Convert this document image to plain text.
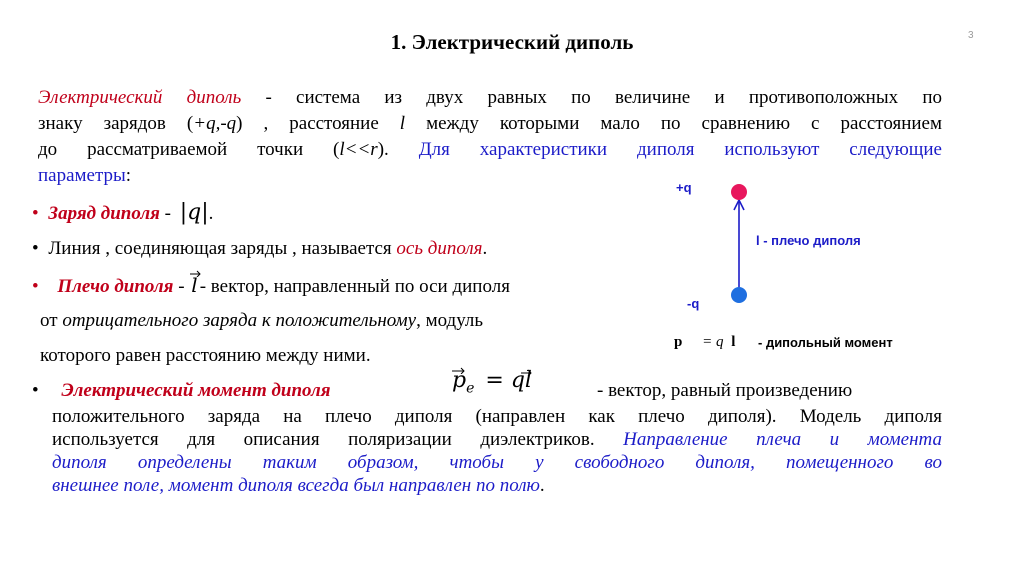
1. Электрический диполь	3
Электрический диполь - система из двух равных по величине и противоположных по
знаку зарядов (+q,-q) , расстояние l между которыми мало по сравнению с расстоянием
до рассматриваемой точки (l<<r). Для характеристики диполя используют следующие
параметры:
• Заряд диполя - |q|.
• Линия , соединяющая заряды , называется ось диполя.
• Плечо диполя - l - вектор, направленный по оси диполя
от отрицательного заряда к положительному, модуль
которого равен расстоянию между ними.
• Электрический момент диполя	p
$_e$ = ql	- вектор, равный произведению
положительного заряда на плечо диполя (направлен как плечо диполя). Модель диполя
используется для описания поляризации диэлектриков. Направление плеча и момента
диполя определены таким образом, чтобы у свободного диполя, помещенного во
внешнее поле, момент диполя всегда был направлен по полю.
+q
-q
l - плечо диполя
p = q l - дипольный момент
